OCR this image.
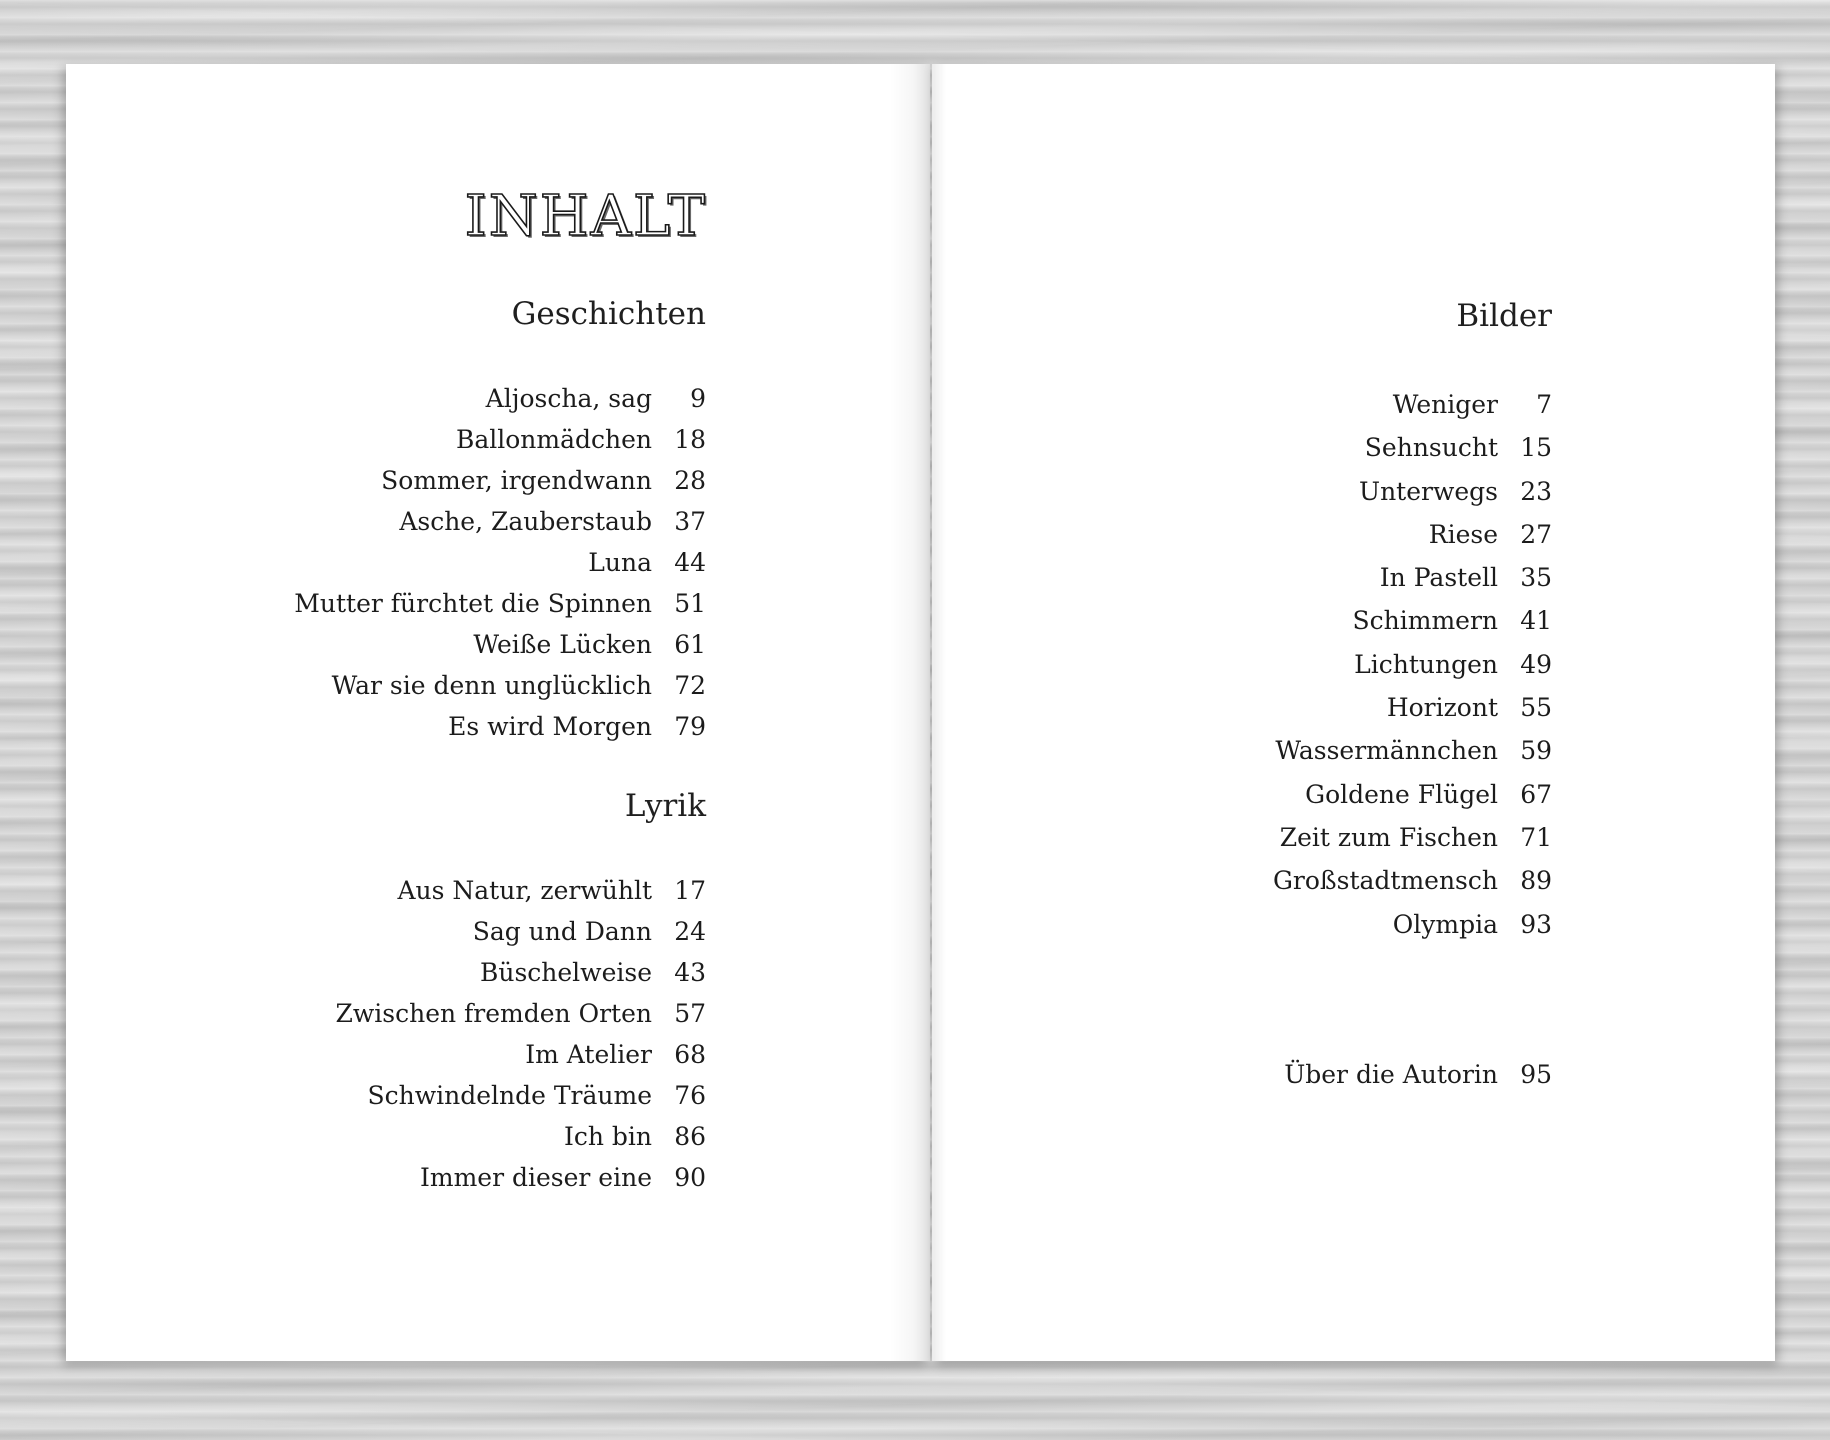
INHALT
Geschichten
Aljoscha, sag 9
Ballonmädchen 18
Sommer, irgendwann 28
Asche, Zauberstaub 37
Luna 44
Mutter fürchtet die Spinnen 51
Weiße Lücken 61
War sie denn unglücklich 72
Es wird Morgen 79
Lyrik
Aus Natur, zerwühlt 17
Sag und Dann 24
Büschelweise 43
Zwischen fremden Orten 57
Im Atelier 68
Schwindelnde Träume 76
Ich bin 86
Immer dieser eine 90
Bilder
Weniger 7
Sehnsucht 15
Unterwegs 23
Riese 27
In Pastell 35
Schimmern 41
Lichtungen 49
Horizont 55
Wassermännchen 59
Goldene Flügel 67
Zeit zum Fischen 71
Großstadtmensch 89
Olympia 93
Über die Autorin 95
